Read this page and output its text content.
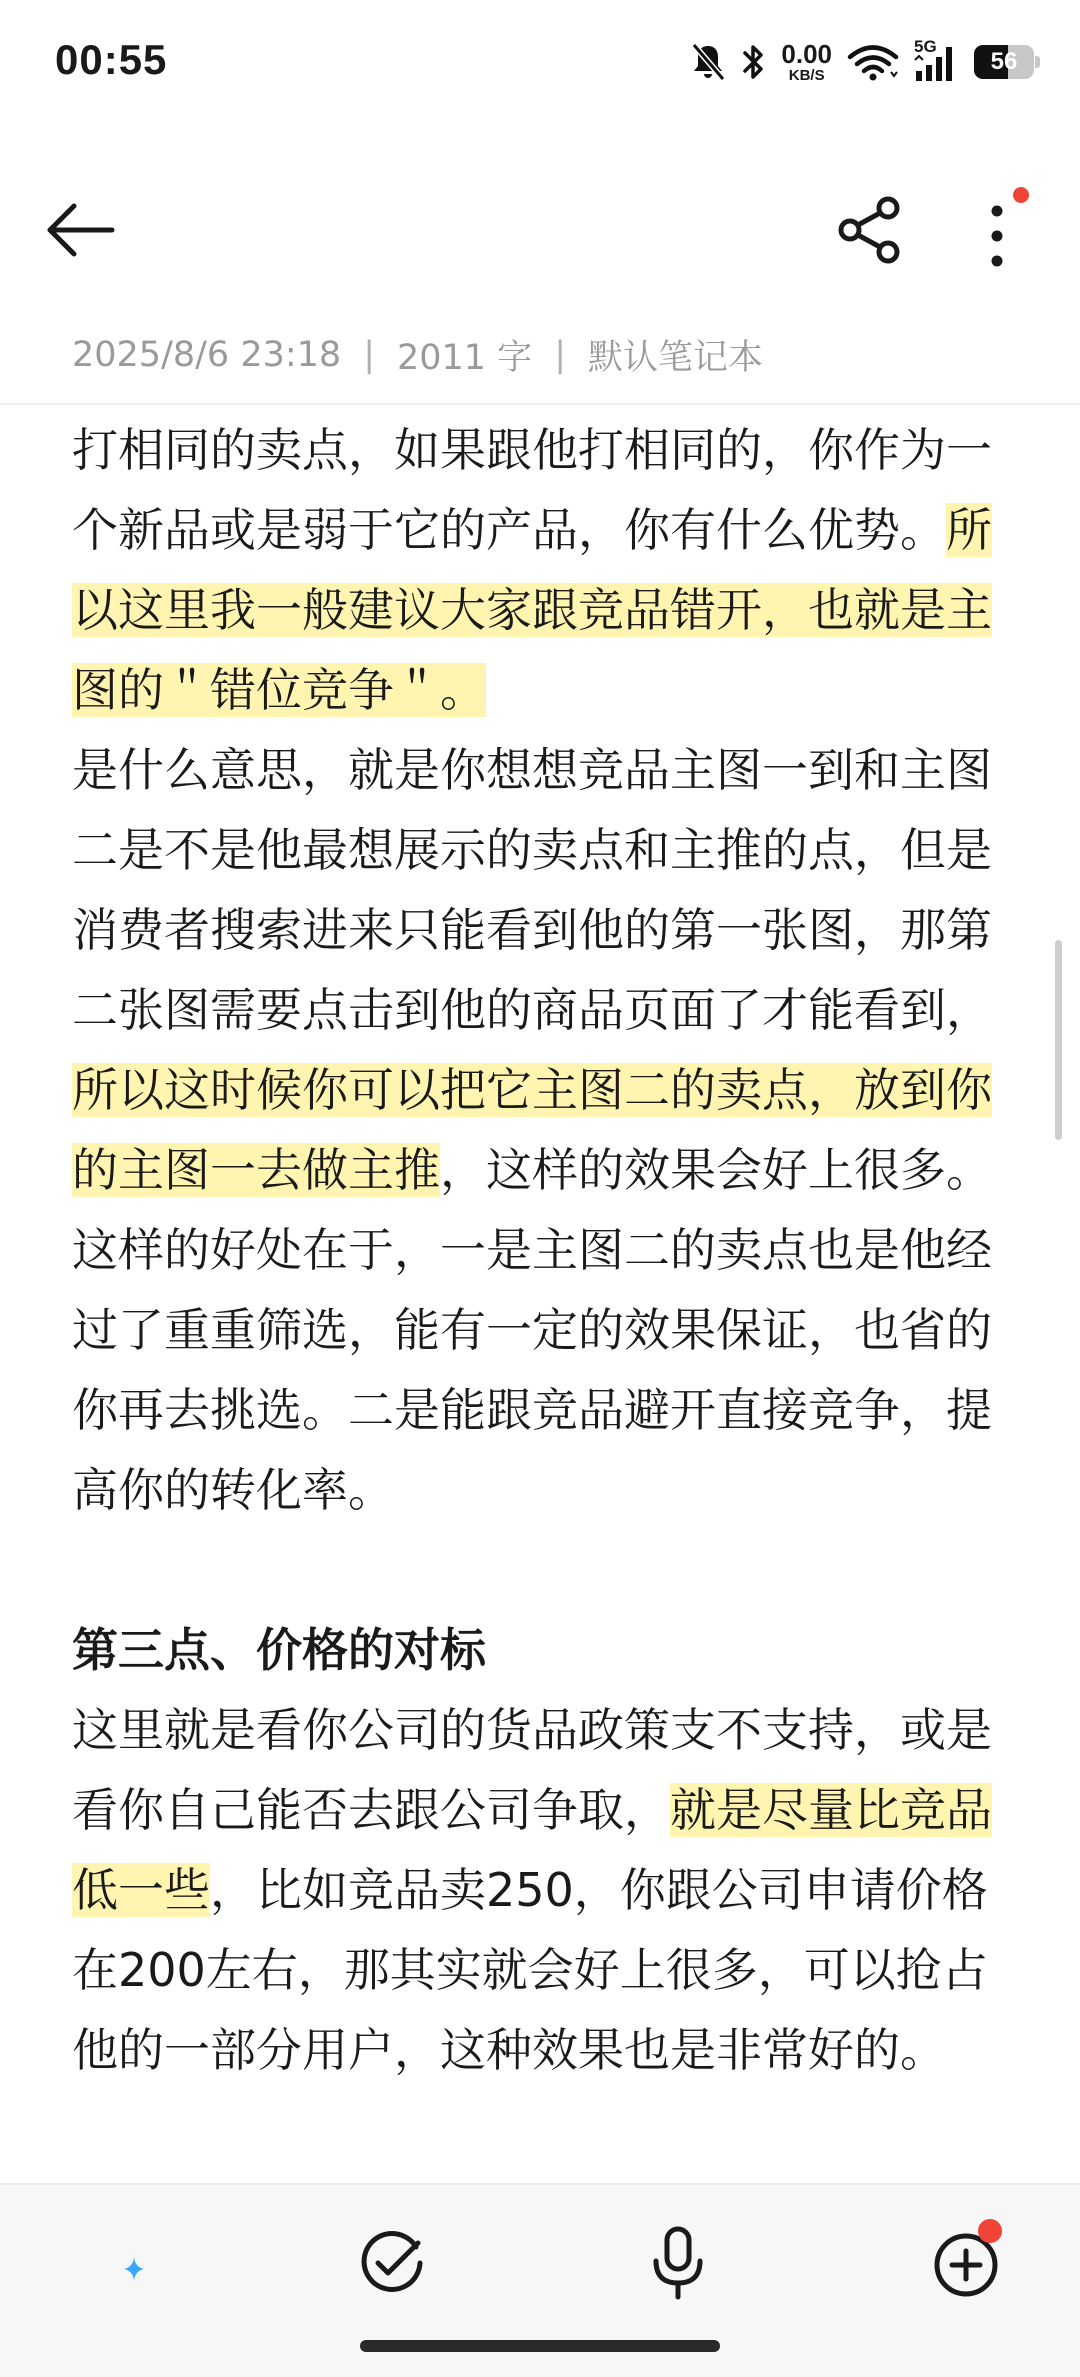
00:55	0.00
KB/S
5G
56
2025/8/6 23:18 | 2011 字 | 默认笔记本

打相同的卖点，如果跟他打相同的，你作为一个新品或是弱于它的产品，你有什么优势。所以这里我一般建议大家跟竞品错开，也就是主图的＂错位竞争＂。

是什么意思，就是你想想竞品主图一到和主图二是不是他最想展示的卖点和主推的点，但是消费者搜索进来只能看到他的第一张图，那第二张图需要点击到他的商品页面了才能看到，所以这时候你可以把它主图二的卖点，放到你的主图一去做主推，这样的效果会好上很多。这样的好处在于，一是主图二的卖点也是他经过了重重筛选，能有一定的效果保证，也省的你再去挑选。二是能跟竞品避开直接竞争，提高你的转化率。

第三点、价格的对标

这里就是看你公司的货品政策支不支持，或是看你自己能否去跟公司争取，就是尽量比竞品低一些，比如竞品卖250，你跟公司申请价格在200左右，那其实就会好上很多，可以抢占他的一部分用户，这种效果也是非常好的。
